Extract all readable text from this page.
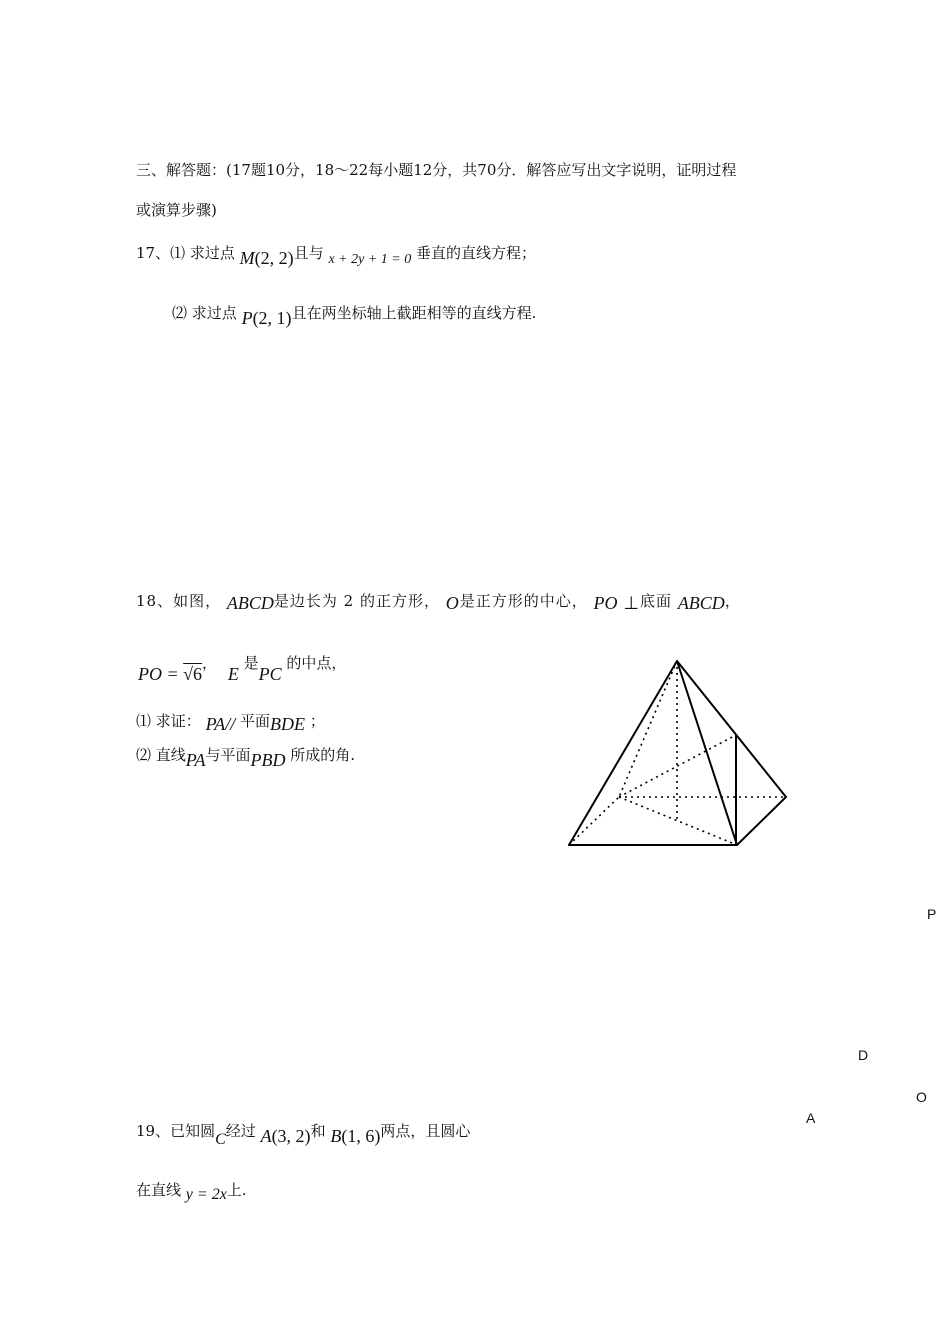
三、解答题：(17题10分，18～22每小题12分，共70分．解答应写出文字说明，证明过程
或演算步骤)
17、⑴ 求过点 M(2, 2)且与 x + 2y + 1 = 0 垂直的直线方程；
⑵ 求过点 P(2, 1)且在两坐标轴上截距相等的直线方程.
18、如图， ABCD是边长为 2 的正方形， O是正方形的中心， PO ⊥底面 ABCD，
PO = √6， E 是PC 的中点，
⑴ 求证： PA// 平面BDE ；
⑵ 直线PA与平面PBD 所成的角.
P
D
O
A
19、已知圆C经过 A(3, 2)和 B(1, 6)两点，且圆心
在直线 y = 2x上.
